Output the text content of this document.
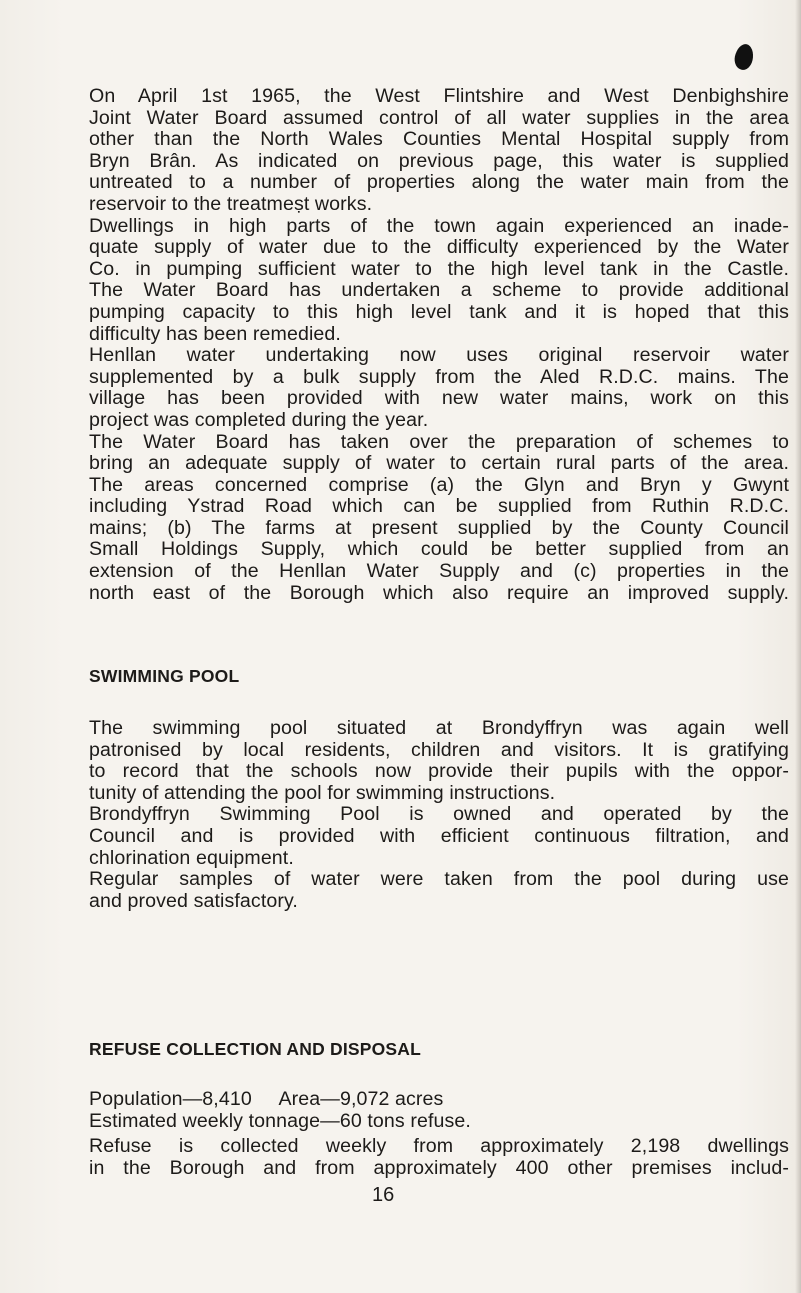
On April 1st 1965, the West Flintshire and West Denbighshire
Joint Water Board assumed control of all water supplies in the area
other than the North Wales Counties Mental Hospital supply from
Bryn Brân. As indicated on previous page, this water is supplied
untreated to a number of properties along the water main from the
reservoir to the treatmeṣt works.

Dwellings in high parts of the town again experienced an inade-
quate supply of water due to the difficulty experienced by the Water
Co. in pumping sufficient water to the high level tank in the Castle.
The Water Board has undertaken a scheme to provide additional
pumping capacity to this high level tank and it is hoped that this
difficulty has been remedied.

Henllan water undertaking now uses original reservoir water
supplemented by a bulk supply from the Aled R.D.C. mains. The
village has been provided with new water mains, work on this
project was completed during the year.

The Water Board has taken over the preparation of schemes to
bring an adequate supply of water to certain rural parts of the area.
The areas concerned comprise (a) the Glyn and Bryn y Gwynt
including Ystrad Road which can be supplied from Ruthin R.D.C.
mains; (b) The farms at present supplied by the County Council
Small Holdings Supply, which could be better supplied from an
extension of the Henllan Water Supply and (c) properties in the
north east of the Borough which also require an improved supply.

SWIMMING POOL

The swimming pool situated at Brondyffryn was again well
patronised by local residents, children and visitors. It is gratifying
to record that the schools now provide their pupils with the oppor-
tunity of attending the pool for swimming instructions.

Brondyffryn Swimming Pool is owned and operated by the
Council and is provided with efficient continuous filtration, and
chlorination equipment.

Regular samples of water were taken from the pool during use
and proved satisfactory.

REFUSE COLLECTION AND DISPOSAL

Population—8,410     Area—9,072 acres
Estimated weekly tonnage—60 tons refuse.

Refuse is collected weekly from approximately 2,198 dwellings
in the Borough and from approximately 400 other premises includ-

16
